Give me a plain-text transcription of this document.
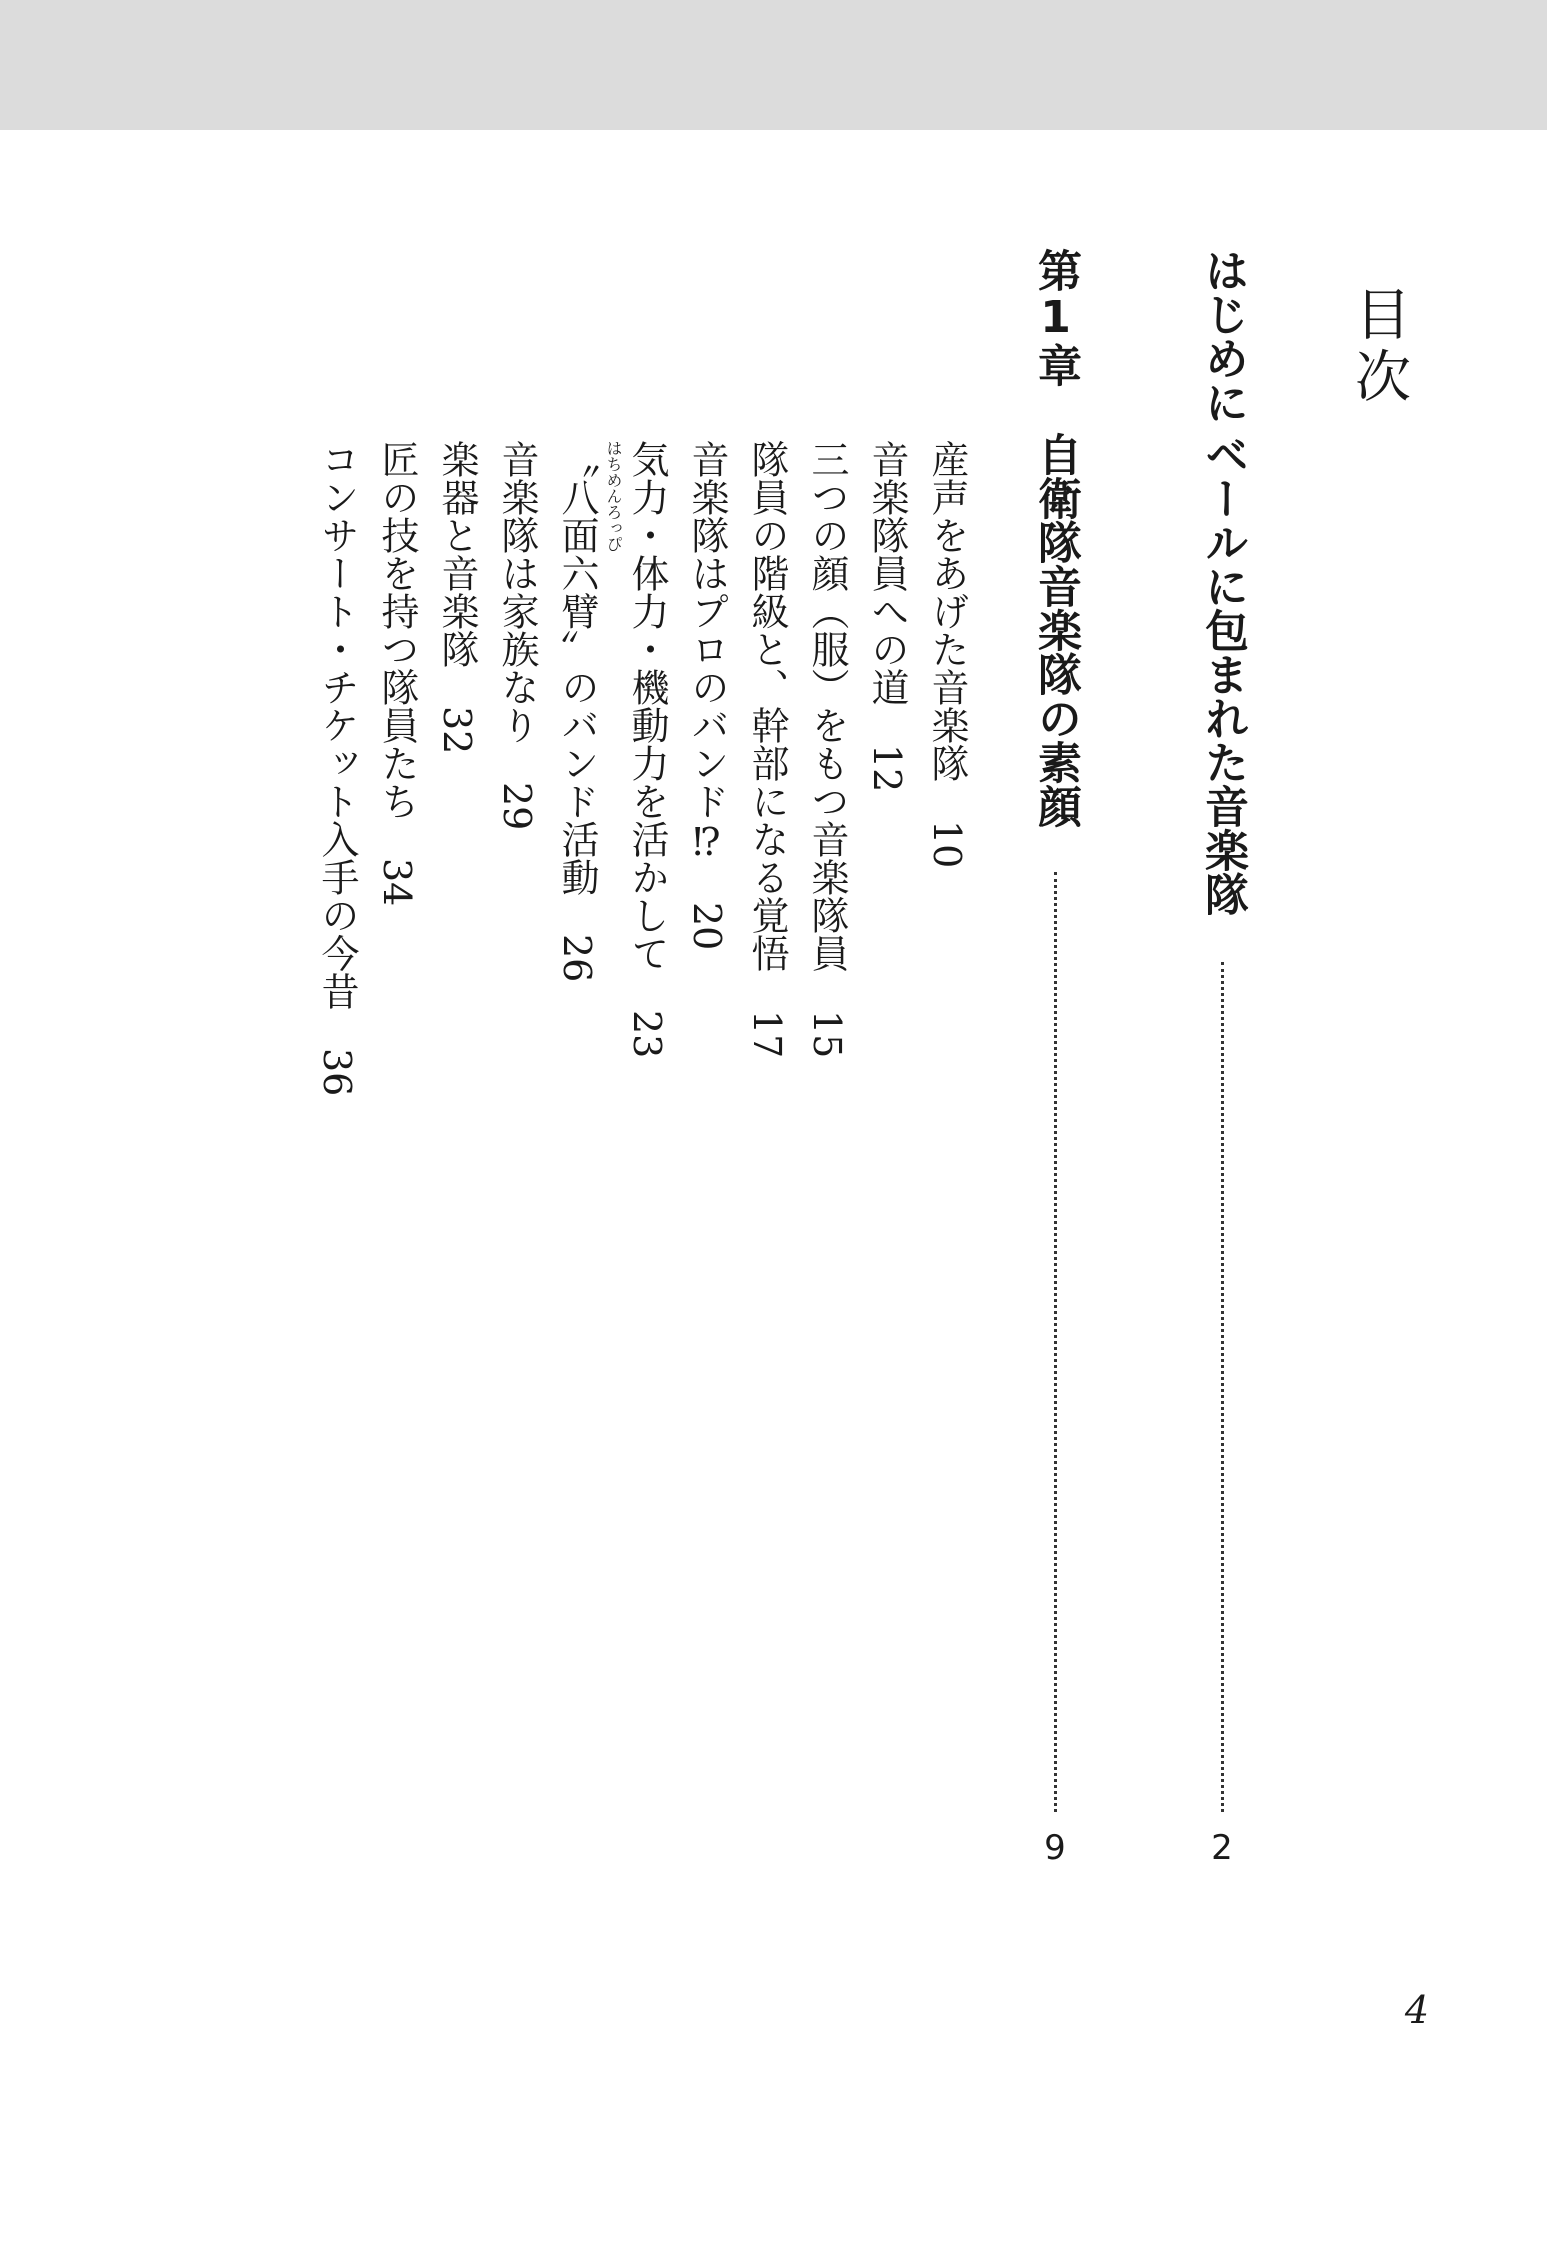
目次
はじめに
ベールに包まれた音楽隊
2
第1章
自衛隊音楽隊の素顔
9
産声をあげた音楽隊　10
音楽隊員への道　12
三つの顔（服）をもつ音楽隊員　15
隊員の階級と、幹部になる覚悟　17
音楽隊はプロのバンド⁉　20
気力・体力・機動力を活かして　23
はちめんろっぴ
〝八面六臂〟のバンド活動　26
音楽隊は家族なり　29
楽器と音楽隊　32
匠の技を持つ隊員たち　34
コンサート・チケット入手の今昔　36
4
